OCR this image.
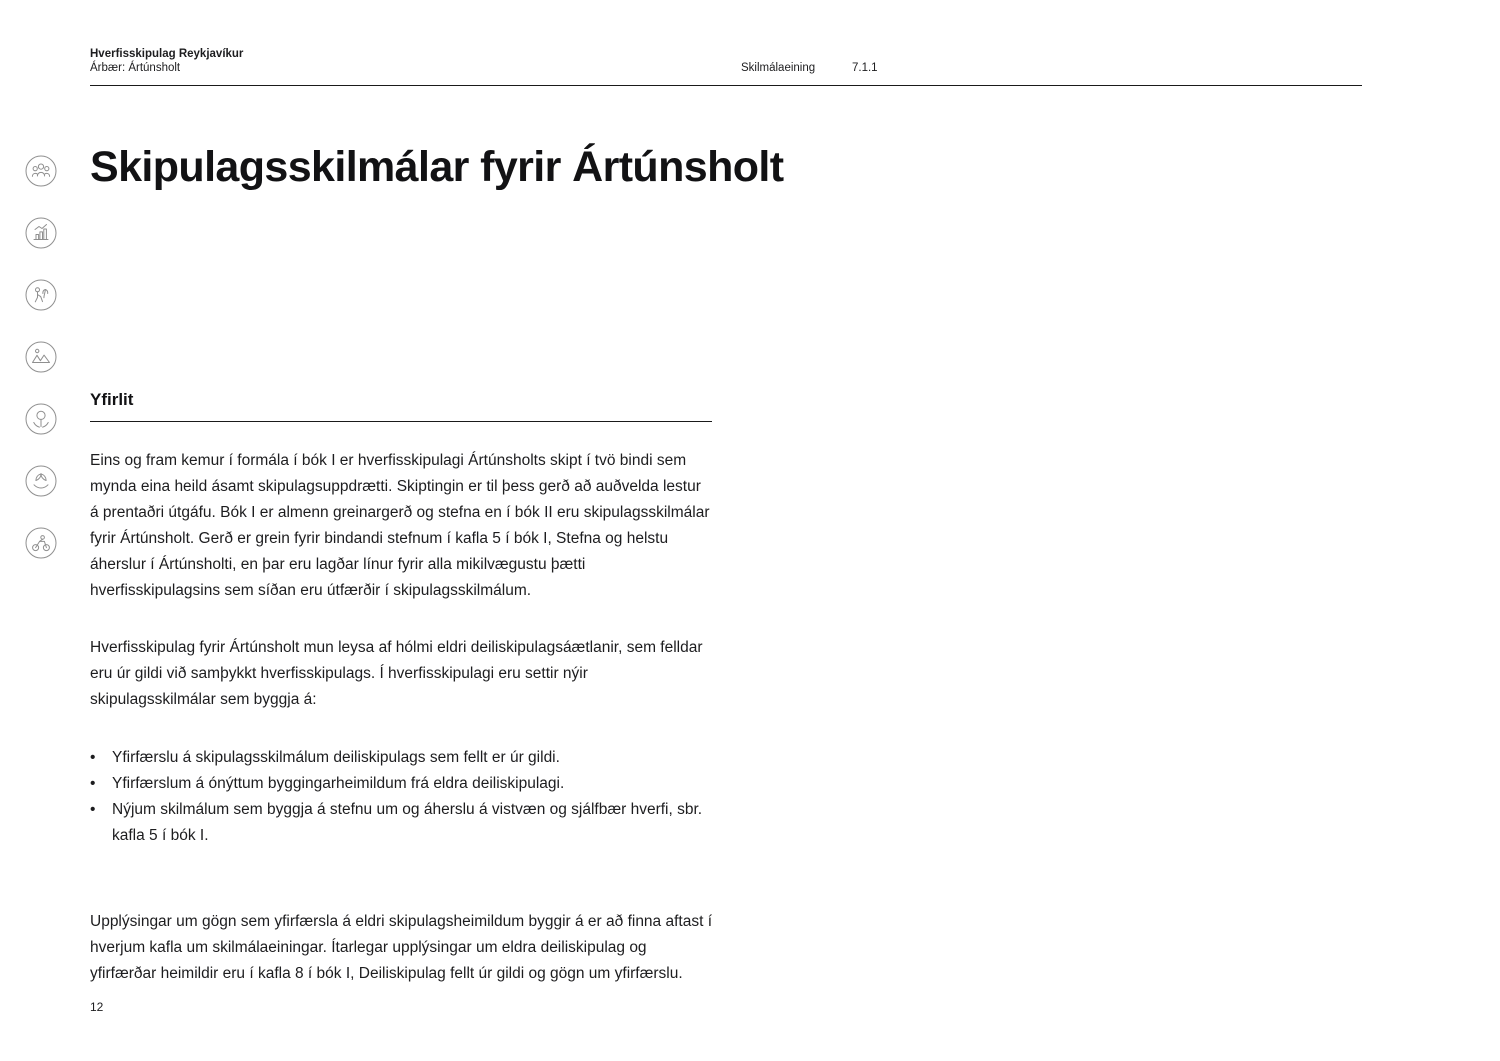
Hverfisskipulag Reykjavíkur
Árbær: Ártúnsholt	Skilmálaeining	7.1.1
Skipulagsskilmálar fyrir Ártúnsholt
Yfirlit

Eins og fram kemur í formála í bók I er hverfisskipulagi Ártúnsholts skipt í tvö bindi sem mynda eina heild ásamt skipulagsuppdrætti. Skiptingin er til þess gerð að auðvelda lestur á prentaðri útgáfu. Bók I er almenn greinargerð og stefna en í bók II eru skipulagsskilmálar fyrir Ártúnsholt. Gerð er grein fyrir bindandi stefnum í kafla 5 í bók I, Stefna og helstu áherslur í Ártúnsholti, en þar eru lagðar línur fyrir alla mikilvægustu þætti hverfisskipulagsins sem síðan eru útfærðir í skipulagsskilmálum.

Hverfisskipulag fyrir Ártúnsholt mun leysa af hólmi eldri deiliskipulagsáætlanir, sem felldar eru úr gildi við samþykkt hverfisskipulags. Í hverfisskipulagi eru settir nýir skipulagsskilmálar sem byggja á:

•	Yfirfærslu á skipulagsskilmálum deiliskipulags sem fellt er úr gildi.
•	Yfirfærslum á ónýttum byggingarheimildum frá eldra deiliskipulagi.
•	Nýjum skilmálum sem byggja á stefnu um og áherslu á vistvæn og sjálfbær hverfi, sbr. kafla 5 í bók I.

Upplýsingar um gögn sem yfirfærsla á eldri skipulagsheimildum byggir á er að finna aftast í hverjum kafla um skilmálaeiningar. Ítarlegar upplýsingar um eldra deiliskipulag og yfirfærðar heimildir eru í kafla 8 í bók I, Deiliskipulag fellt úr gildi og gögn um yfirfærslu.

12
